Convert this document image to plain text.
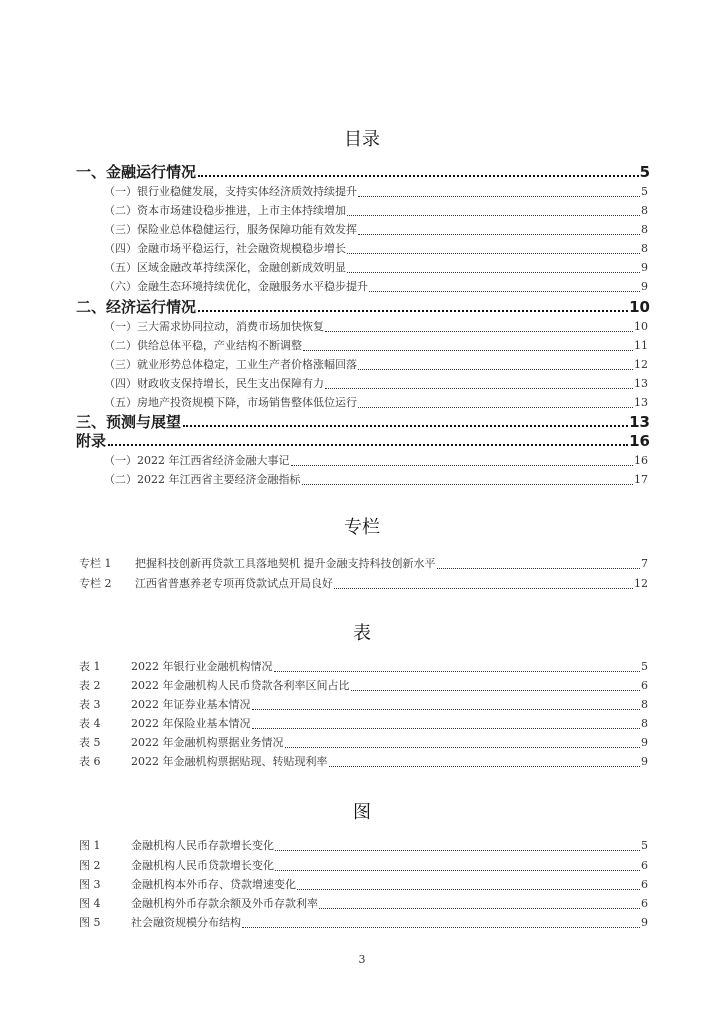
目录
一、金融运行情况	5
（一）银行业稳健发展，支持实体经济质效持续提升	5
（二）资本市场建设稳步推进，上市主体持续增加	8
（三）保险业总体稳健运行，服务保障功能有效发挥	8
（四）金融市场平稳运行，社会融资规模稳步增长	8
（五）区域金融改革持续深化，金融创新成效明显	9
（六）金融生态环境持续优化，金融服务水平稳步提升	9
二、经济运行情况	10
（一）三大需求协同拉动，消费市场加快恢复	10
（二）供给总体平稳，产业结构不断调整	11
（三）就业形势总体稳定，工业生产者价格涨幅回落	12
（四）财政收支保持增长，民生支出保障有力	13
（五）房地产投资规模下降，市场销售整体低位运行	13
三、预测与展望	13
附录	16
（一）2022 年江西省经济金融大事记	16
（二）2022 年江西省主要经济金融指标	17
专栏
专栏 1	把握科技创新再贷款工具落地契机 提升金融支持科技创新水平	7
专栏 2	江西省普惠养老专项再贷款试点开局良好	12
表
表 1	2022 年银行业金融机构情况	5
表 2	2022 年金融机构人民币贷款各利率区间占比	6
表 3	2022 年证券业基本情况	8
表 4	2022 年保险业基本情况	8
表 5	2022 年金融机构票据业务情况	9
表 6	2022 年金融机构票据贴现、转贴现利率	9
图
图 1	金融机构人民币存款增长变化	5
图 2	金融机构人民币贷款增长变化	6
图 3	金融机构本外币存、贷款增速变化	6
图 4	金融机构外币存款余额及外币存款利率	6
图 5	社会融资规模分布结构	9
3
